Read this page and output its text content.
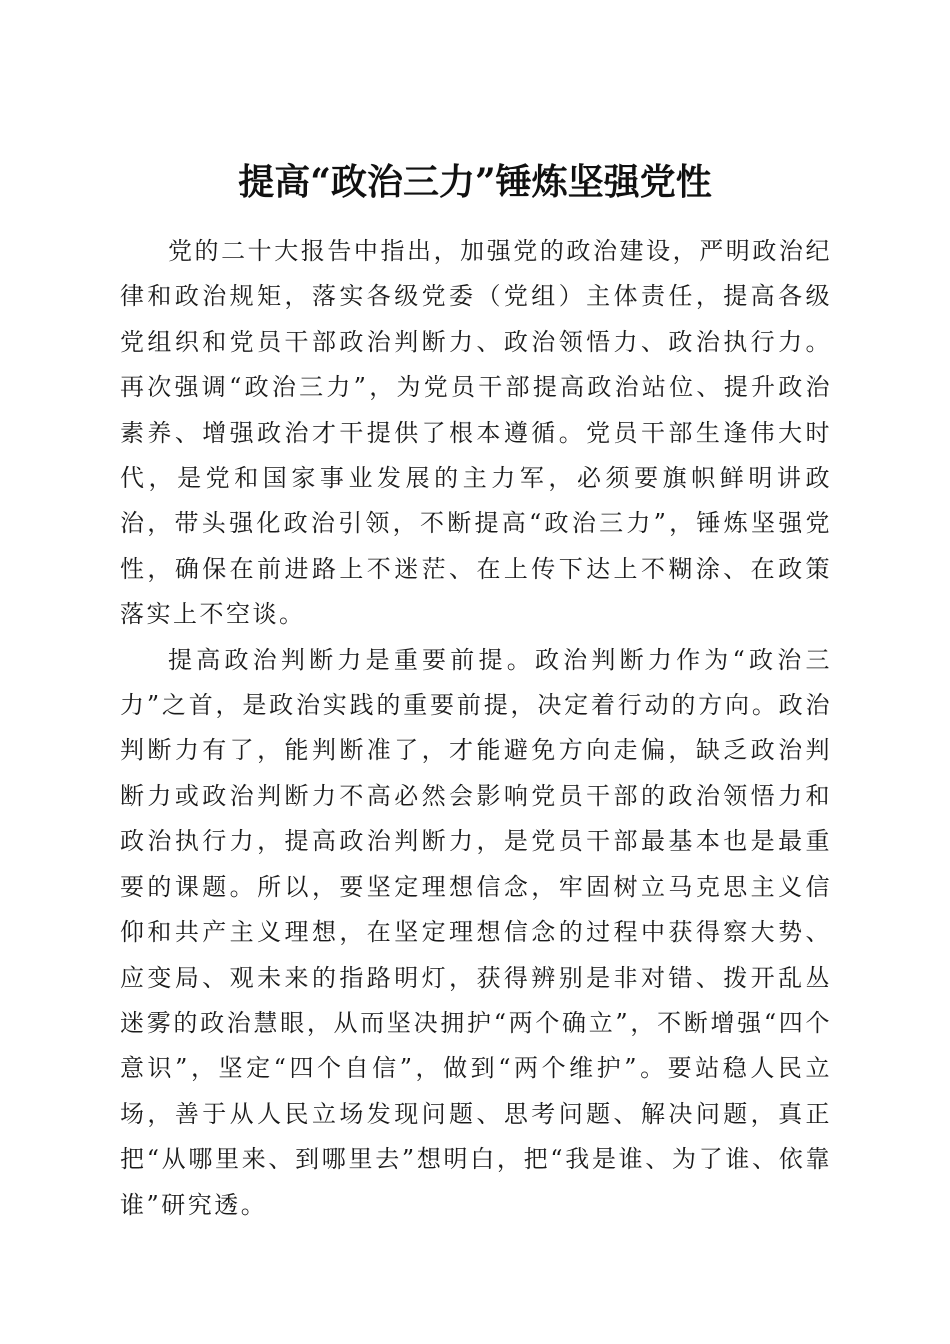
提高“政治三力”锤炼坚强党性

党的二十大报告中指出，加强党的政治建设，严明政治纪律和政治规矩，落实各级党委（党组）主体责任，提高各级党组织和党员干部政治判断力、政治领悟力、政治执行力。再次强调“政治三力”，为党员干部提高政治站位、提升政治素养、增强政治才干提供了根本遵循。党员干部生逢伟大时代，是党和国家事业发展的主力军，必须要旗帜鲜明讲政治，带头强化政治引领，不断提高“政治三力”，锤炼坚强党性，确保在前进路上不迷茫、在上传下达上不糊涂、在政策落实上不空谈。

提高政治判断力是重要前提。政治判断力作为“政治三力”之首，是政治实践的重要前提，决定着行动的方向。政治判断力有了，能判断准了，才能避免方向走偏，缺乏政治判断力或政治判断力不高必然会影响党员干部的政治领悟力和政治执行力，提高政治判断力，是党员干部最基本也是最重要的课题。所以，要坚定理想信念，牢固树立马克思主义信仰和共产主义理想，在坚定理想信念的过程中获得察大势、应变局、观未来的指路明灯，获得辨别是非对错、拨开乱丛迷雾的政治慧眼，从而坚决拥护“两个确立”，不断增强“四个意识”，坚定“四个自信”，做到“两个维护”。要站稳人民立场，善于从人民立场发现问题、思考问题、解决问题，真正把“从哪里来、到哪里去”想明白，把“我是谁、为了谁、依靠谁”研究透。
